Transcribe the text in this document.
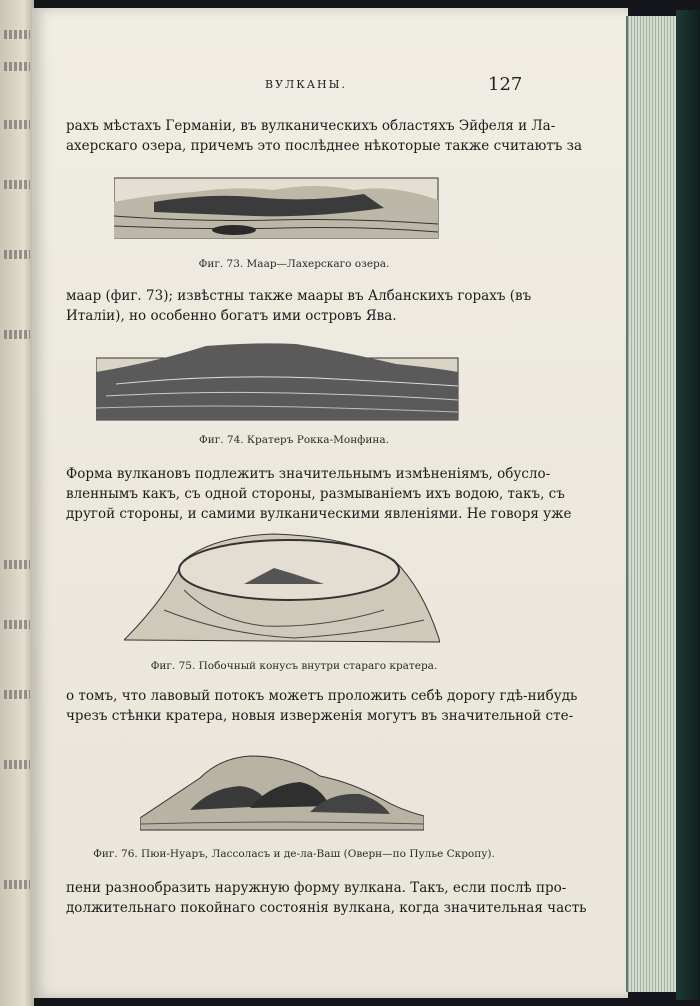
ВУЛКАНЫ.	127
рахъ мѣстахъ Германіи, въ вулканическихъ областяхъ Эйфеля и Ла-
ахерскаго озера, причемъ это послѣднее нѣкоторые также считаютъ за
Фиг. 73. Маар—Лахерскаго озера.
маар (фиг. 73); извѣстны также маары въ Албанскихъ горахъ (въ
Италіи), но особенно богатъ ими островъ Ява.
Фиг. 74. Кратеръ Рокка-Монфина.
Форма вулкановъ подлежитъ значительнымъ измѣненіямъ, обусло-
вленнымъ какъ, съ одной стороны, размываніемъ ихъ водою, такъ, съ
другой стороны, и самими вулканическими явленіями. Не говоря уже
Фиг. 75. Побочный конусъ внутри стараго кратера.
о томъ, что лавовый потокъ можетъ проложить себѣ дорогу гдѣ-нибудь
чрезъ стѣнки кратера, новыя изверженія могутъ въ значительной сте-
Фиг. 76. Пюи-Нуаръ, Лассоласъ и де-ла-Ваш (Оверн—по Пулье Скропу).
пени разнообразить наружную форму вулкана. Такъ, если послѣ про-
должительнаго покойнаго состоянія вулкана, когда значительная часть
